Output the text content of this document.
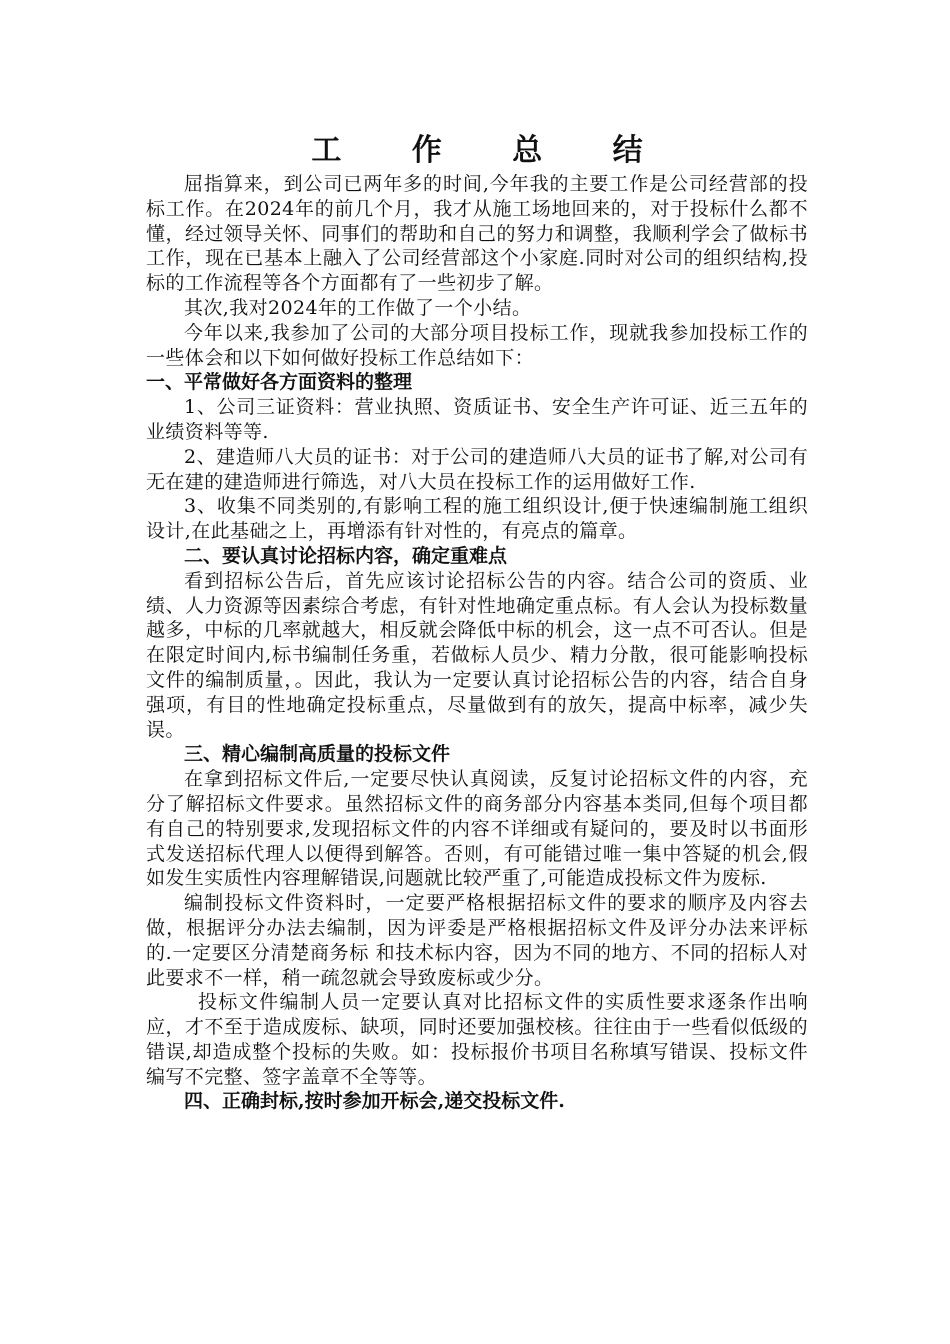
工 作 总 结

屈指算来，到公司已两年多的时间,今年我的主要工作是公司经营部的投标工作。在2024年的前几个月，我才从施工场地回来的，对于投标什么都不懂，经过领导关怀、同事们的帮助和自己的努力和调整，我顺利学会了做标书工作，现在已基本上融入了公司经营部这个小家庭.同时对公司的组织结构,投标的工作流程等各个方面都有了一些初步了解。

其次,我对2024年的工作做了一个小结。

今年以来,我参加了公司的大部分项目投标工作，现就我参加投标工作的一些体会和以下如何做好投标工作总结如下：

一、平常做好各方面资料的整理

1、公司三证资料：营业执照、资质证书、安全生产许可证、近三五年的业绩资料等等.

2、建造师八大员的证书：对于公司的建造师八大员的证书了解,对公司有无在建的建造师进行筛选，对八大员在投标工作的运用做好工作.

3、收集不同类别的,有影响工程的施工组织设计,便于快速编制施工组织设计,在此基础之上，再增添有针对性的，有亮点的篇章。

二、要认真讨论招标内容，确定重难点

看到招标公告后，首先应该讨论招标公告的内容。结合公司的资质、业绩、人力资源等因素综合考虑，有针对性地确定重点标。有人会认为投标数量越多，中标的几率就越大，相反就会降低中标的机会，这一点不可否认。但是在限定时间内,标书编制任务重，若做标人员少、精力分散，很可能影响投标文件的编制质量，。因此，我认为一定要认真讨论招标公告的内容，结合自身强项，有目的性地确定投标重点，尽量做到有的放矢，提高中标率，减少失误。

三、精心编制高质量的投标文件

在拿到招标文件后,一定要尽快认真阅读，反复讨论招标文件的内容，充分了解招标文件要求。虽然招标文件的商务部分内容基本类同,但每个项目都有自己的特别要求,发现招标文件的内容不详细或有疑问的，要及时以书面形式发送招标代理人以便得到解答。否则，有可能错过唯一集中答疑的机会,假如发生实质性内容理解错误,问题就比较严重了,可能造成投标文件为废标.

编制投标文件资料时，一定要严格根据招标文件的要求的顺序及内容去做，根据评分办法去编制，因为评委是严格根据招标文件及评分办法来评标的.一定要区分清楚商务标 和技术标内容，因为不同的地方、不同的招标人对此要求不一样，稍一疏忽就会导致废标或少分。

投标文件编制人员一定要认真对比招标文件的实质性要求逐条作出响应，才不至于造成废标、缺项，同时还要加强校核。往往由于一些看似低级的错误,却造成整个投标的失败。如：投标报价书项目名称填写错误、投标文件编写不完整、签字盖章不全等等。

四、正确封标,按时参加开标会,递交投标文件.
